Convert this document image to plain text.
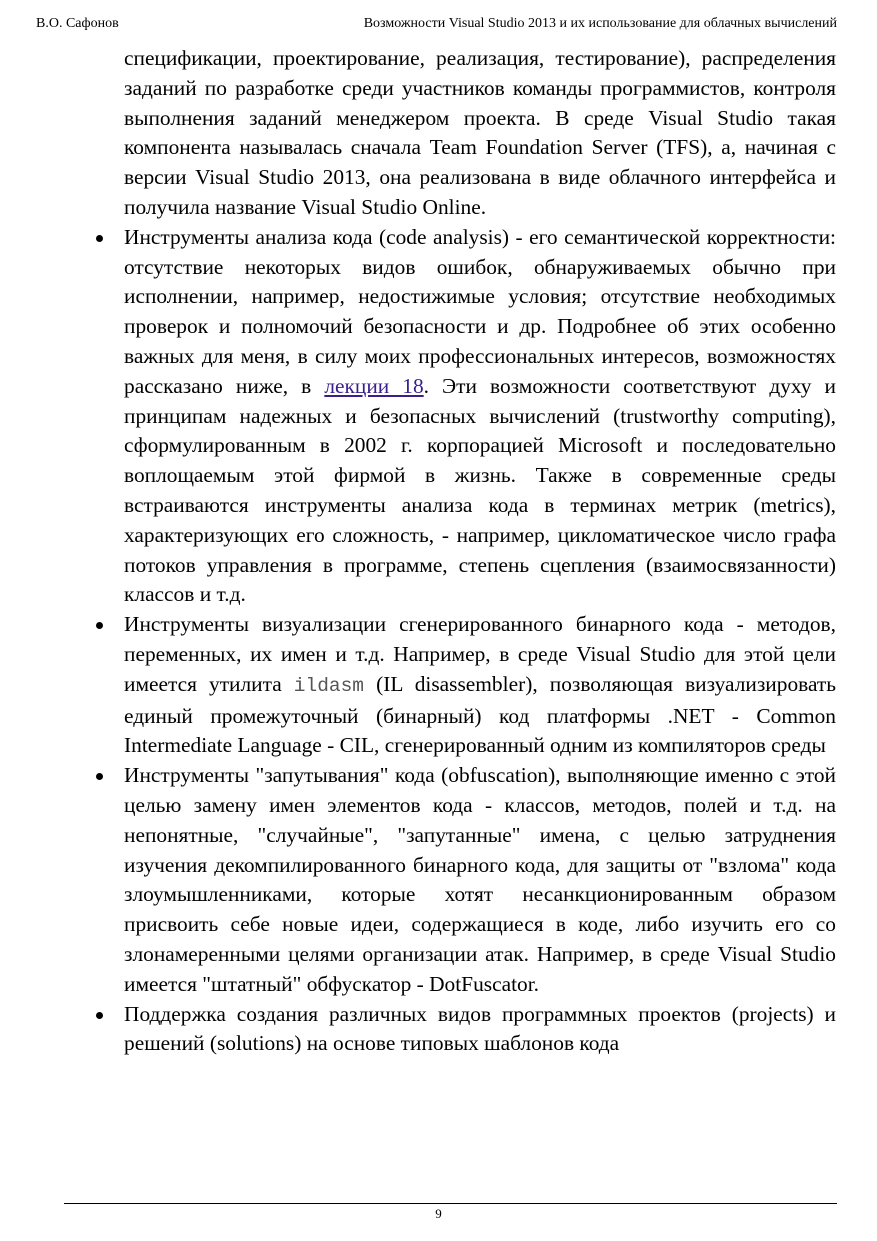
В.О. Сафонов	Возможности Visual Studio 2013 и их использование для облачных вычислений

спецификации, проектирование, реализация, тестирование), распределения заданий по разработке среди участников команды программистов, контроля выполнения заданий менеджером проекта. В среде Visual Studio такая компонента называлась сначала Team Foundation Server (TFS), а, начиная с версии Visual Studio 2013, она реализована в виде облачного интерфейса и получила название Visual Studio Online.

Инструменты анализа кода (code analysis) - его семантической корректности: отсутствие некоторых видов ошибок, обнаруживаемых обычно при исполнении, например, недостижимые условия; отсутствие необходимых проверок и полномочий безопасности и др. Подробнее об этих особенно важных для меня, в силу моих профессиональных интересов, возможностях рассказано ниже, в лекции 18. Эти возможности соответствуют духу и принципам надежных и безопасных вычислений (trustworthy computing), сформулированным в 2002 г. корпорацией Microsoft и последовательно воплощаемым этой фирмой в жизнь. Также в современные среды встраиваются инструменты анализа кода в терминах метрик (metrics), характеризующих его сложность, - например, цикломатическое число графа потоков управления в программе, степень сцепления (взаимосвязанности) классов и т.д.
Инструменты визуализации сгенерированного бинарного кода - методов, переменных, их имен и т.д. Например, в среде Visual Studio для этой цели имеется утилита ildasm (IL disassembler), позволяющая визуализировать единый промежуточный (бинарный) код платформы .NET - Common Intermediate Language - CIL, сгенерированный одним из компиляторов среды
Инструменты "запутывания" кода (obfuscation), выполняющие именно с этой целью замену имен элементов кода - классов, методов, полей и т.д. на непонятные, "случайные", "запутанные" имена, с целью затруднения изучения декомпилированного бинарного кода, для защиты от "взлома" кода злоумышленниками, которые хотят несанкционированным образом присвоить себе новые идеи, содержащиеся в коде, либо изучить его со злонамеренными целями организации атак. Например, в среде Visual Studio имеется "штатный" обфускатор - DotFuscator.
Поддержка создания различных видов программных проектов (projects) и решений (solutions) на основе типовых шаблонов кода
9
